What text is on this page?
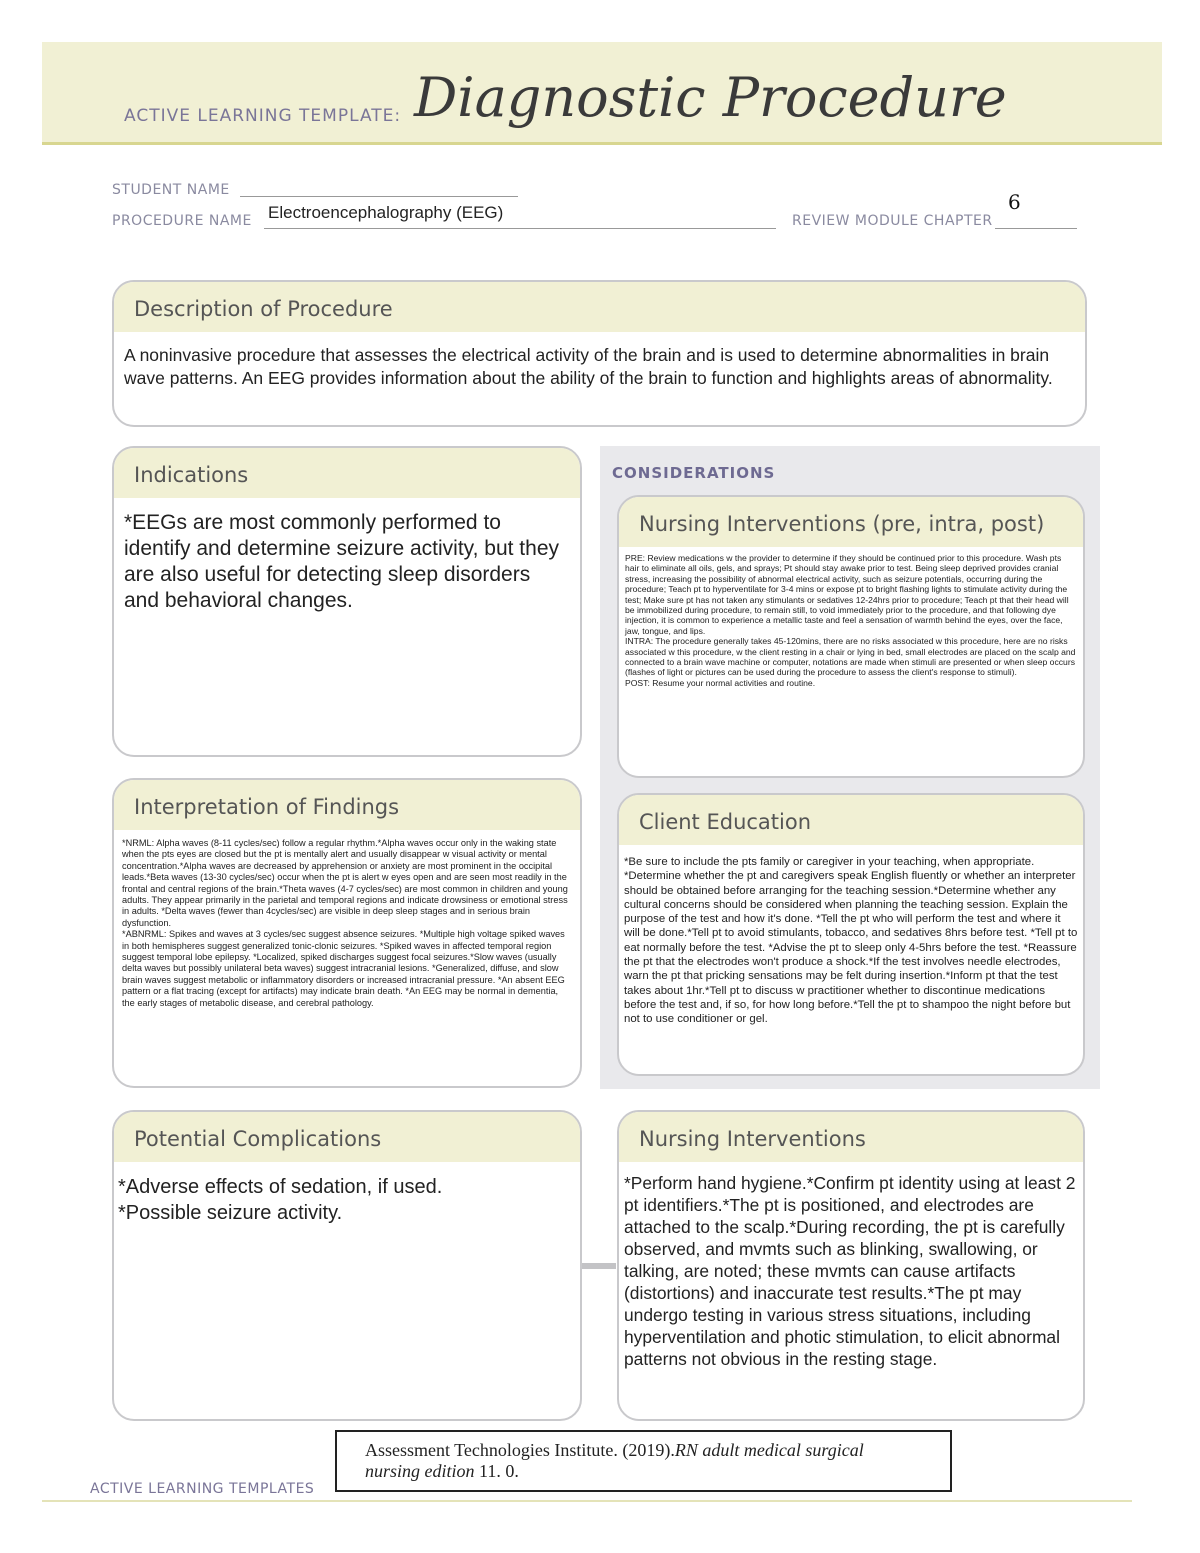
ACTIVE LEARNING TEMPLATE: Diagnostic Procedure
STUDENT NAME
PROCEDURE NAME Electroencephalography (EEG)	REVIEW MODULE CHAPTER
6
Description of Procedure
A noninvasive procedure that assesses the electrical activity of the brain and is used to determine abnormalities in brain wave patterns. An EEG provides information about the ability of the brain to function and highlights areas of abnormality.
Indications
*EEGs are most commonly performed to identify and determine seizure activity, but they are also useful for detecting sleep disorders and behavioral changes.
Interpretation of Findings
*NRML: Alpha waves (8-11 cycles/sec) follow a regular rhythm.*Alpha waves occur only in the waking state when the pts eyes are closed but the pt is mentally alert and usually disappear w visual activity or mental concentration.*Alpha waves are decreased by apprehension or anxiety are most prominent in the occipital leads.*Beta waves (13-30 cycles/sec) occur when the pt is alert w eyes open and are seen most readily in the frontal and central regions of the brain.*Theta waves (4-7 cycles/sec) are most common in children and young adults. They appear primarily in the parietal and temporal regions and indicate drowsiness or emotional stress in adults. *Delta waves (fewer than 4cycles/sec) are visible in deep sleep stages and in serious brain dysfunction.
*ABNRML: Spikes and waves at 3 cycles/sec suggest absence seizures. *Multiple high voltage spiked waves in both hemispheres suggest generalized tonic-clonic seizures. *Spiked waves in affected temporal region suggest temporal lobe epilepsy. *Localized, spiked discharges suggest focal seizures.*Slow waves (usually delta waves but possibly unilateral beta waves) suggest intracranial lesions. *Generalized, diffuse, and slow brain waves suggest metabolic or inflammatory disorders or increased intracranial pressure. *An absent EEG pattern or a flat tracing (except for artifacts) may indicate brain death. *An EEG may be normal in dementia, the early stages of metabolic disease, and cerebral pathology.
CONSIDERATIONS
Nursing Interventions (pre, intra, post)
PRE: Review medications w the provider to determine if they should be continued prior to this procedure. Wash pts hair to eliminate all oils, gels, and sprays; Pt should stay awake prior to test. Being sleep deprived provides cranial stress, increasing the possibility of abnormal electrical activity, such as seizure potentials, occurring during the procedure; Teach pt to hyperventilate for 3-4 mins or expose pt to bright flashing lights to stimulate activity during the test; Make sure pt has not taken any stimulants or sedatives 12-24hrs prior to procedure; Teach pt that their head will be immobilized during procedure, to remain still, to void immediately prior to the procedure, and that following dye injection, it is common to experience a metallic taste and feel a sensation of warmth behind the eyes, over the face, jaw, tongue, and lips.
INTRA: The procedure generally takes 45-120mins, there are no risks associated w this procedure, here are no risks associated w this procedure, w the client resting in a chair or lying in bed, small electrodes are placed on the scalp and connected to a brain wave machine or computer, notations are made when stimuli are presented or when sleep occurs (flashes of light or pictures can be used during the procedure to assess the client's response to stimuli).
POST: Resume your normal activities and routine.
Client Education
*Be sure to include the pts family or caregiver in your teaching, when appropriate. *Determine whether the pt and caregivers speak English fluently or whether an interpreter should be obtained before arranging for the teaching session.*Determine whether any cultural concerns should be considered when planning the teaching session. Explain the purpose of the test and how it's done. *Tell the pt who will perform the test and where it will be done.*Tell pt to avoid stimulants, tobacco, and sedatives 8hrs before test. *Tell pt to eat normally before the test. *Advise the pt to sleep only 4-5hrs before the test. *Reassure the pt that the electrodes won't produce a shock.*If the test involves needle electrodes, warn the pt that pricking sensations may be felt during insertion.*Inform pt that the test takes about 1hr.*Tell pt to discuss w practitioner whether to discontinue medications before the test and, if so, for how long before.*Tell the pt to shampoo the night before but not to use conditioner or gel.
Potential Complications
*Adverse effects of sedation, if used.
*Possible seizure activity.
Nursing Interventions
*Perform hand hygiene.*Confirm pt identity using at least 2 pt identifiers.*The pt is positioned, and electrodes are attached to the scalp.*During recording, the pt is carefully observed, and mvmts such as blinking, swallowing, or talking, are noted; these mvmts can cause artifacts (distortions) and inaccurate test results.*The pt may undergo testing in various stress situations, including hyperventilation and photic stimulation, to elicit abnormal patterns not obvious in the resting stage.
Assessment Technologies Institute. (2019).RN adult medical surgical nursing edition 11. 0.
ACTIVE LEARNING TEMPLATES
